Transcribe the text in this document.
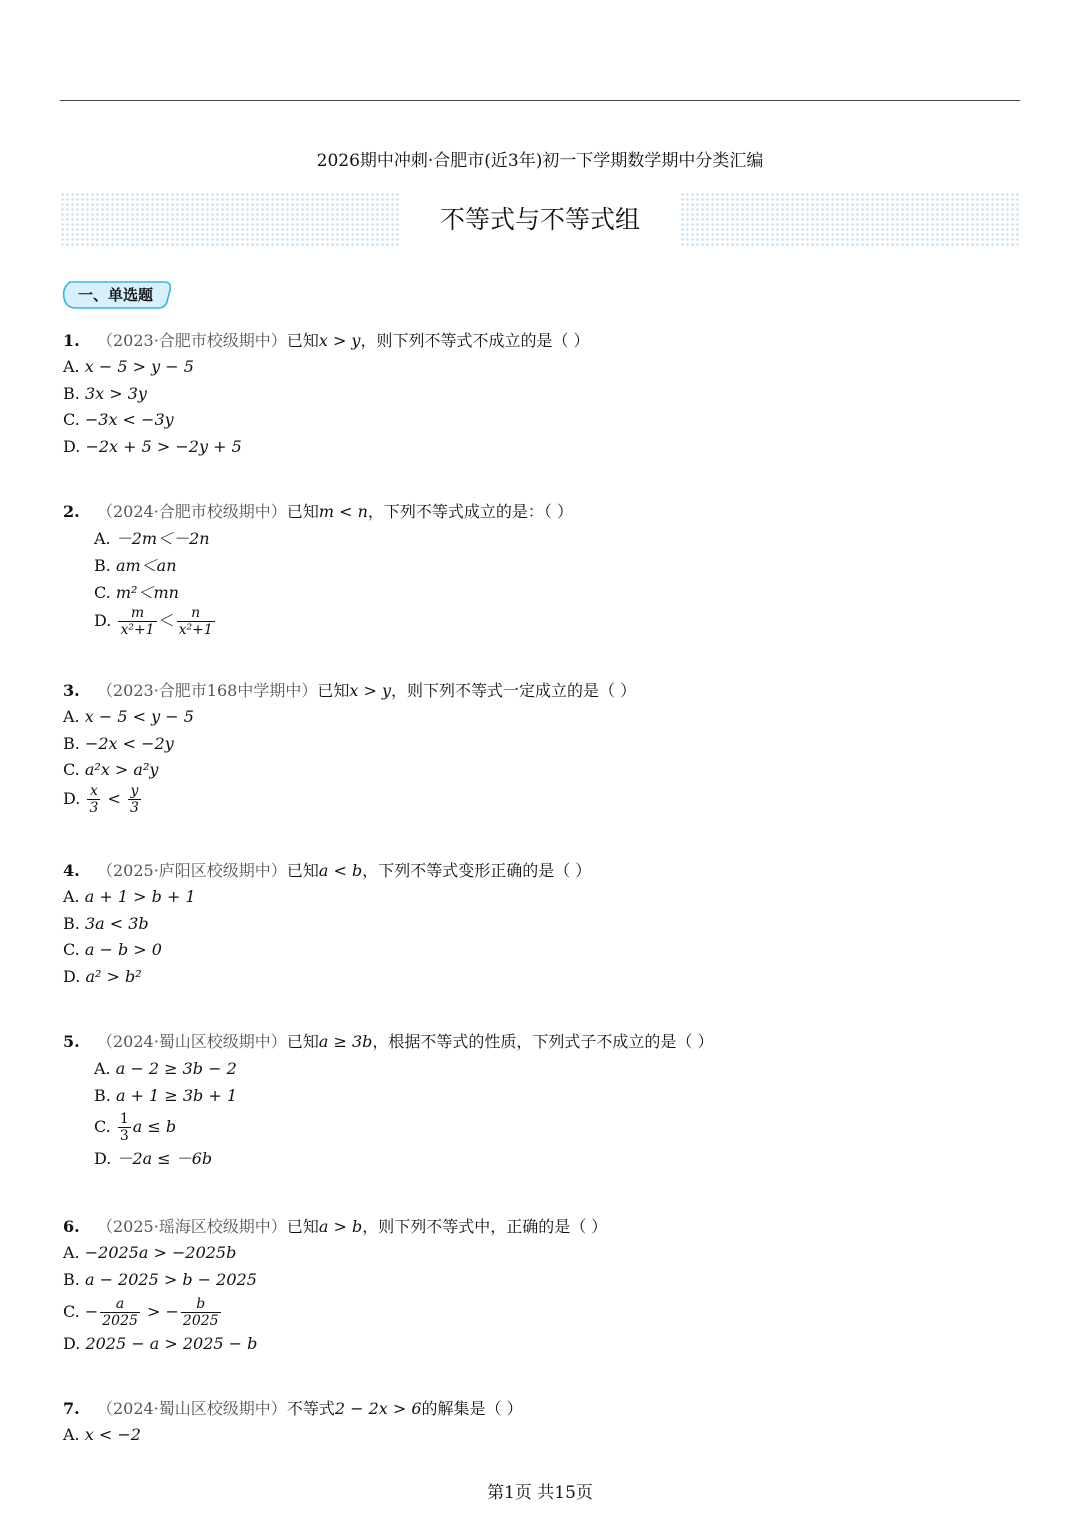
2026期中冲刺·合肥市(近3年)初一下学期数学期中分类汇编
不等式与不等式组
一、单选题
1. （2023·合肥市校级期中）已知x > y，则下列不等式不成立的是（ ）
A. x − 5 > y − 5
B. 3x > 3y
C. −3x < −3y
D. −2x + 5 > −2y + 5
2. （2024·合肥市校级期中）已知m < n，下列不等式成立的是：（ ）
A. －2m＜－2n
B. am＜an
C. m²＜mn
D. $\frac{m}{\text{x²+1}} < \frac{n}{\text{x²+1}}$
3. （2023·合肥市168中学期中）已知x > y，则下列不等式一定成立的是（ ）
A. x − 5 < y − 5
B. −2x < −2y
C. a²x > a²y
D. $\frac{x}{3} < \frac{y}{3}$
4. （2025·庐阳区校级期中）已知a < b，下列不等式变形正确的是（ ）
A. a + 1 > b + 1
B. 3a < 3b
C. a − b > 0
D. a² > b²
5. （2024·蜀山区校级期中）已知a ≥ 3b，根据不等式的性质，下列式子不成立的是（ ）
A. a − 2 ≥ 3b − 2
B. a + 1 ≥ 3b + 1
C. $\frac{1}{3}$ a ≤ b
D. －2a ≤ －6b
6. （2025·瑶海区校级期中）已知a > b，则下列不等式中，正确的是（ ）
A. −2025a > −2025b
B. a − 2025 > b − 2025
C. − $\frac{a}{2025}$ > − $\frac{b}{2025}$
D. 2025 − a > 2025 − b
7. （2024·蜀山区校级期中）不等式2 − 2x > 6的解集是（ ）
A. x < −2
第1页 共15页
